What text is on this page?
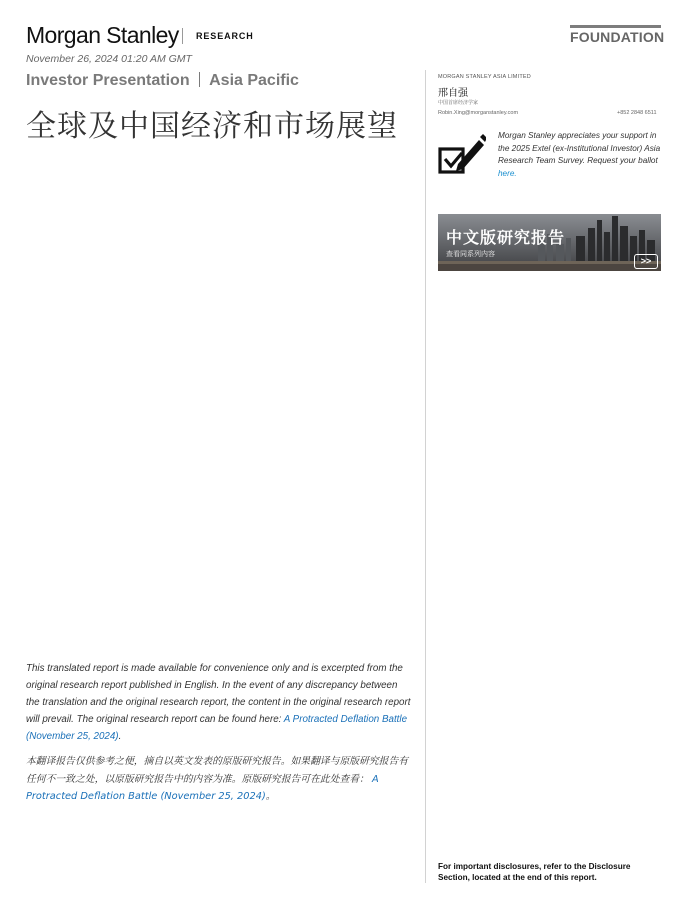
Morgan Stanley RESEARCH	FOUNDATION
November 26, 2024 01:20 AM GMT
Investor Presentation Asia Pacific
全球及中国经济和市场展望
MORGAN STANLEY ASIA LIMITED
邢自强
中国首席经济学家
Robin.Xing@morganstanley.com	+852 2848 6511
Morgan Stanley appreciates your support in the 2025 Extel (ex-Institutional Investor) Asia Research Team Survey. Request your ballot here.
中文版研究报告
查看同系列内容
>>
This translated report is made available for convenience only and is excerpted from the original research report published in English. In the event of any discrepancy between the translation and the original research report, the content in the original research report will prevail. The original research report can be found here: A Protracted Deflation Battle (November 25, 2024).
本翻译报告仅供参考之便，摘自以英文发表的原版研究报告。如果翻译与原版研究报告有任何不一致之处，以原版研究报告中的内容为准。原版研究报告可在此处查看： A Protracted Deflation Battle (November 25, 2024)。
For important disclosures, refer to the Disclosure Section, located at the end of this report.
